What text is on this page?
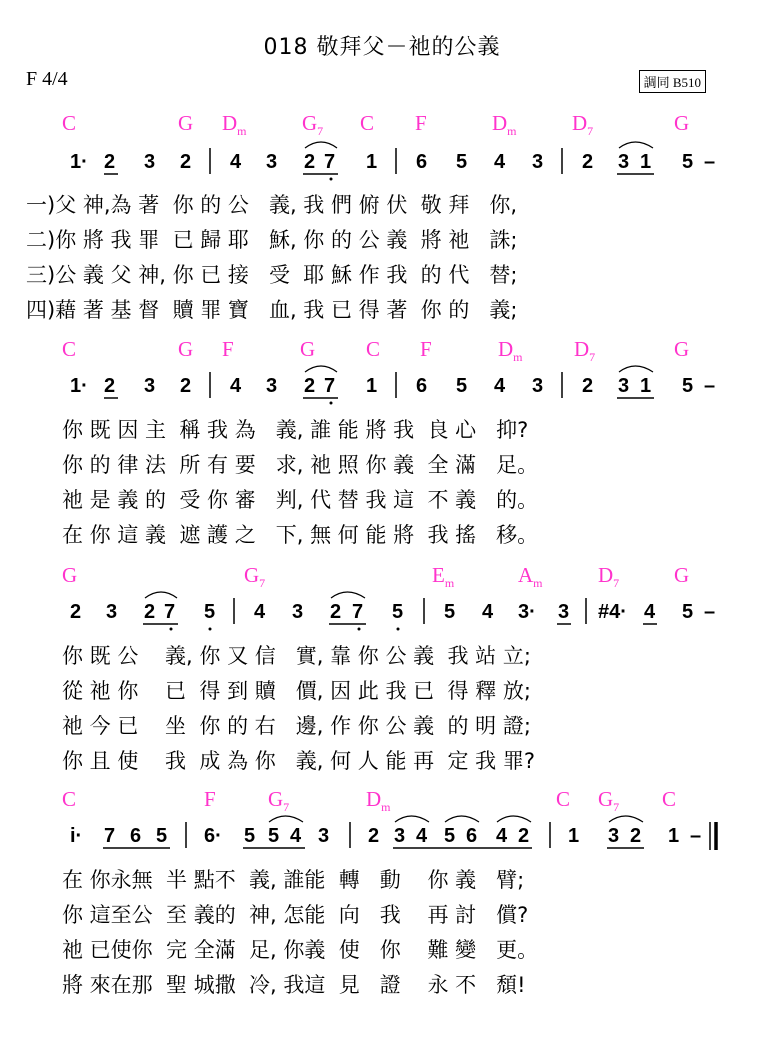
018 敬拜父－祂的公義
F 4/4	調同 B510
C	G $D_m$	$G_7$ C F	$D_m$	$D_7$	G
1· 2 3 2 4 3 2 7 1 6 5 4 3 2 3 1 5 –
一)父 神,為 著  你 的 公   義, 我 們 俯 伏  敬 拜   你,
二)你 將 我 罪  已 歸 耶   穌, 你 的 公 義  將 祂   誅;
三)公 義 父 神, 你 已 接   受  耶 穌 作 我  的 代   替;
四)藉 著 基 督  贖 罪 寶   血, 我 已 得 著  你 的   義;
C	G F	G C F	$D_m$ $D_7$	G
1· 2 3 2 4 3 2 7 1 6 5 4 3 2 3 1 5 –
你 既 因 主  稱 我 為   義, 誰 能 將 我  良 心   抑?
你 的 律 法  所 有 要   求, 祂 照 你 義  全 滿   足。
祂 是 義 的  受 你 審   判, 代 替 我 這  不 義   的。
在 你 這 義  遮 護 之   下, 無 何 能 將  我 搖   移。
G	$G_7$	$E_m$	$A_m$	$D_7$	G
2 3 2 7 5 4 3 2 7 5 5 4 3· 3 #4· 4 5 –
你 既 公    義, 你 又 信   實, 靠 你 公 義  我 站 立;
從 祂 你    已  得 到 贖   價, 因 此 我 已  得 釋 放;
祂 今 已    坐  你 的 右   邊, 作 你 公 義  的 明 證;
你 且 使    我  成 為 你   義, 何 人 能 再  定 我 罪?
C	F $G_7$	$D_m$	C $G_7$ C
i· 7 6 5 6· 5 5 4 3 2 3 4 5 6 4 2 1 3 2 1 –
在 你永無  半 點不  義, 誰能  轉   動    你 義   臂;
你 這至公  至 義的  神, 怎能  向   我    再 討   償?
祂 已使你  完 全滿  足, 你義  使   你    難 變   更。
將 來在那  聖 城撒  冷, 我這  見   證    永 不   頹!
